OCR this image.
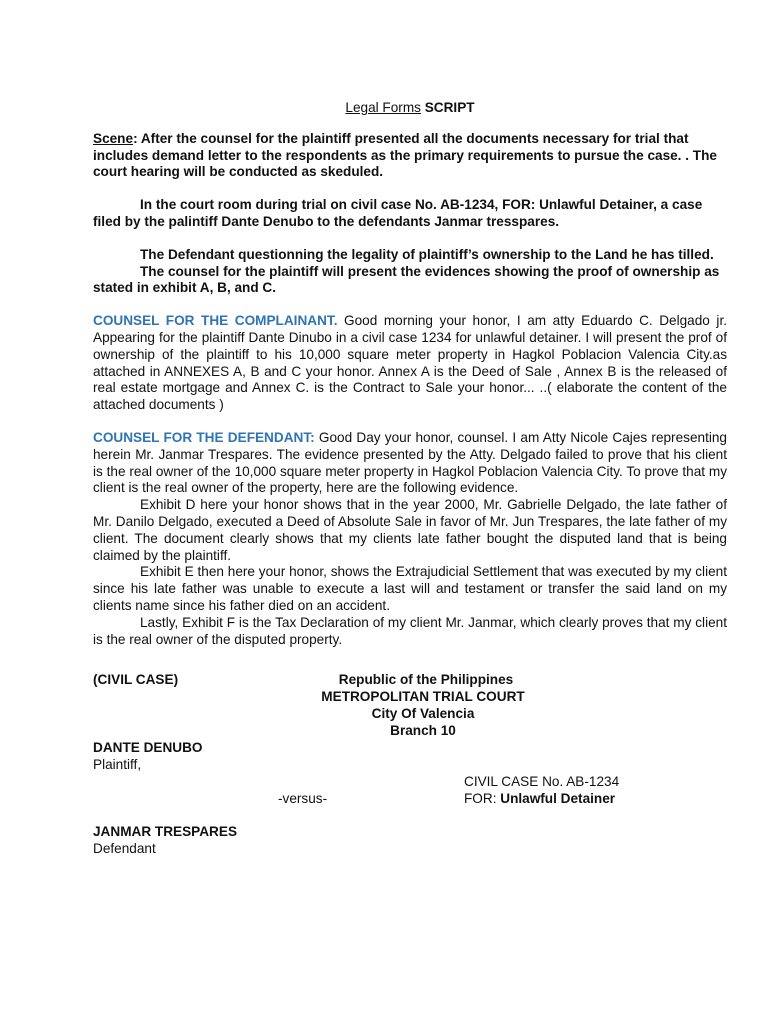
Legal Forms SCRIPT

Scene: After the counsel for the plaintiff presented all the documents necessary for trial that includes demand letter to the respondents as the primary requirements to pursue the case. . The court hearing will be conducted as skeduled.

In the court room during trial on civil case No. AB-1234, FOR: Unlawful Detainer, a case filed by the palintiff Dante Denubo to the defendants Janmar tresspares.

The Defendant questionning the legality of plaintiff’s ownership to the Land he has tilled.

The counsel for the plaintiff will present the evidences showing the proof of ownership as stated in exhibit A, B, and C.

COUNSEL FOR THE COMPLAINANT. Good morning your honor, I am atty Eduardo C. Delgado jr. Appearing for the plaintiff Dante Dinubo in a civil case 1234 for unlawful detainer. I will present the prof of ownership of the plaintiff to his 10,000 square meter property in Hagkol Poblacion Valencia City.as attached in ANNEXES A, B and C your honor. Annex A is the Deed of Sale , Annex B is the released of real estate mortgage and Annex C. is the Contract to Sale your honor... ..( elaborate the content of the attached documents )

COUNSEL FOR THE DEFENDANT: Good Day your honor, counsel. I am Atty Nicole Cajes representing herein Mr. Janmar Trespares. The evidence presented by the Atty. Delgado failed to prove that his client is the real owner of the 10,000 square meter property in Hagkol Poblacion Valencia City. To prove that my client is the real owner of the property, here are the following evidence.

Exhibit D here your honor shows that in the year 2000, Mr. Gabrielle Delgado, the late father of Mr. Danilo Delgado, executed a Deed of Absolute Sale in favor of Mr. Jun Trespares, the late father of my client. The document clearly shows that my clients late father bought the disputed land that is being claimed by the plaintiff.

Exhibit E then here your honor, shows the Extrajudicial Settlement that was executed by my client since his late father was unable to execute a last will and testament or transfer the said land on my clients name since his father died on an accident.

Lastly, Exhibit F is the Tax Declaration of my client Mr. Janmar, which clearly proves that my client is the real owner of the disputed property.

(CIVIL CASE)	Republic of the Philippines
METROPOLITAN TRIAL COURT
City Of Valencia
Branch 10
DANTE DENUBO
Plaintiff,
CIVIL CASE No. AB-1234
-versus-	FOR: Unlawful Detainer
JANMAR TRESPARES
Defendant
